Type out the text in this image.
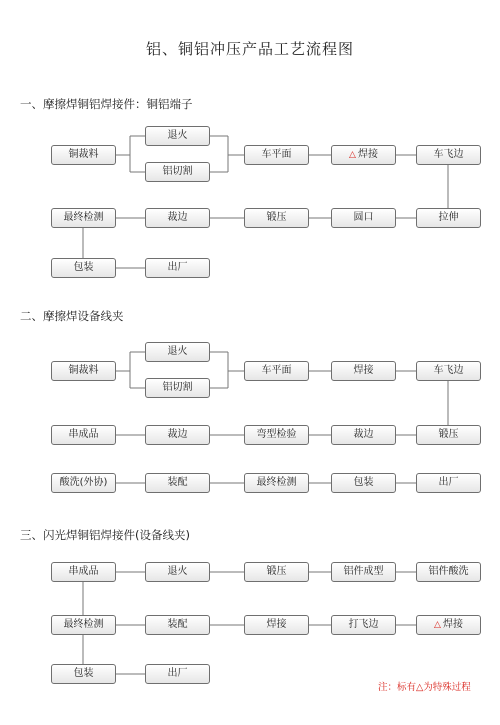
铝、铜铝冲压产品工艺流程图
一、摩擦焊铜铝焊接件：铜铝端子
铜裁料
退火
铝切割
车平面	△ 焊接	车飞边
最终检测	裁边	锻压	圆口	拉伸
包装	出厂
二、摩擦焊设备线夹
铜裁料
退火
铝切割
车平面	焊接	车飞边
串成品	裁边	弯型检验	裁边	锻压
酸洗(外协)	装配	最终检测	包装	出厂
三、闪光焊铜铝焊接件(设备线夹)
串成品	退火	锻压	铝件成型	铝件酸洗
最终检测	装配	焊接	打飞边	△ 焊接
包装	出厂
注：标有△为特殊过程
